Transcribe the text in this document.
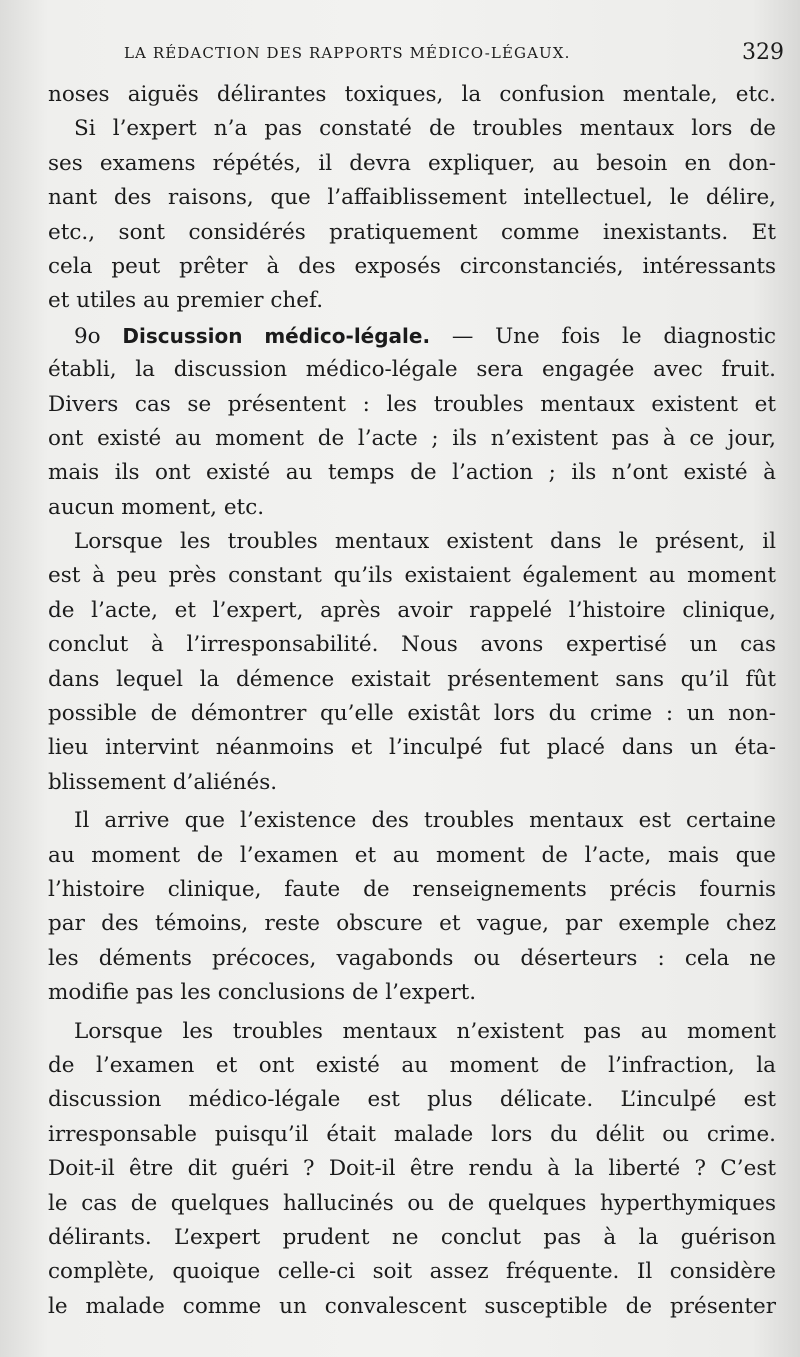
LA RÉDACTION DES RAPPORTS MÉDICO-LÉGAUX.	329
noses aiguës délirantes toxiques, la confusion mentale, etc.
Si l’expert n’a pas constaté de troubles mentaux lors de
ses examens répétés, il devra expliquer, au besoin en don-
nant des raisons, que l’affaiblissement intellectuel, le délire,
etc., sont considérés pratiquement comme inexistants. Et
cela peut prêter à des exposés circonstanciés, intéressants
et utiles au premier chef.
9o Discussion médico-légale. — Une fois le diagnostic
établi, la discussion médico-légale sera engagée avec fruit.
Divers cas se présentent : les troubles mentaux existent et
ont existé au moment de l’acte ; ils n’existent pas à ce jour,
mais ils ont existé au temps de l’action ; ils n’ont existé à
aucun moment, etc.
Lorsque les troubles mentaux existent dans le présent, il
est à peu près constant qu’ils existaient également au moment
de l’acte, et l’expert, après avoir rappelé l’histoire clinique,
conclut à l’irresponsabilité. Nous avons expertisé un cas
dans lequel la démence existait présentement sans qu’il fût
possible de démontrer qu’elle existât lors du crime : un non-
lieu intervint néanmoins et l’inculpé fut placé dans un éta-
blissement d’aliénés.
Il arrive que l’existence des troubles mentaux est certaine
au moment de l’examen et au moment de l’acte, mais que
l’histoire clinique, faute de renseignements précis fournis
par des témoins, reste obscure et vague, par exemple chez
les déments précoces, vagabonds ou déserteurs : cela ne
modifie pas les conclusions de l’expert.
Lorsque les troubles mentaux n’existent pas au moment
de l’examen et ont existé au moment de l’infraction, la
discussion médico-légale est plus délicate. L’inculpé est
irresponsable puisqu’il était malade lors du délit ou crime.
Doit-il être dit guéri ? Doit-il être rendu à la liberté ? C’est
le cas de quelques hallucinés ou de quelques hyperthymiques
délirants. L’expert prudent ne conclut pas à la guérison
complète, quoique celle-ci soit assez fréquente. Il considère
le malade comme un convalescent susceptible de présenter
